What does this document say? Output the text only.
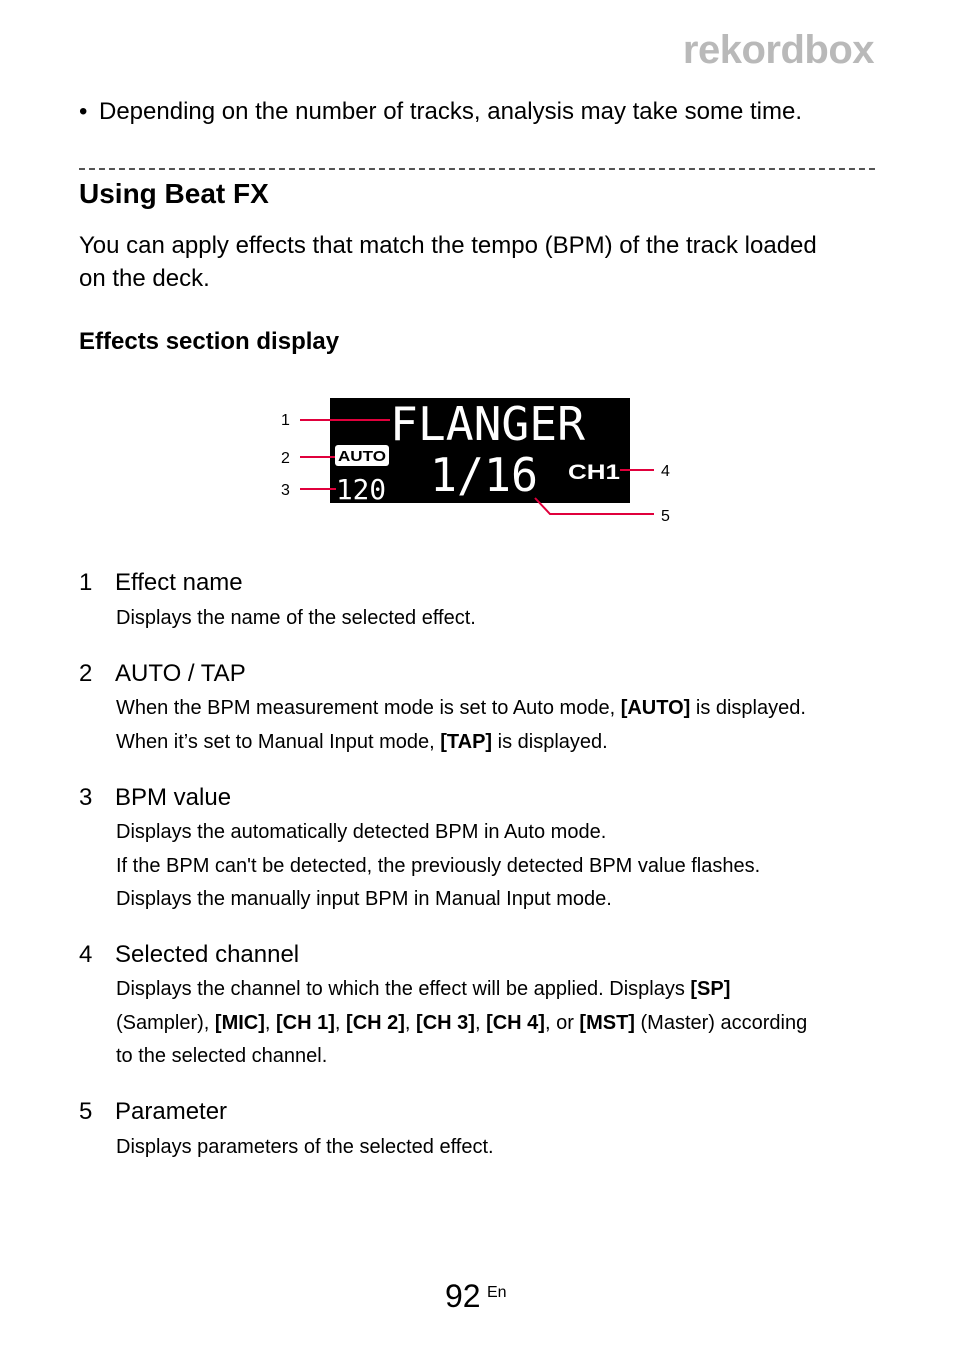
rekordbox
• Depending on the number of tracks, analysis may take some time.
Using Beat FX
You can apply effects that match the tempo (BPM) of the track loaded
on the deck.
Effects section display
FLANGER
AUTO 1/16 CH1
120
1
2
3
4
5
1 Effect name
Displays the name of the selected effect.
2 AUTO / TAP
When the BPM measurement mode is set to Auto mode, [AUTO] is displayed.
When it’s set to Manual Input mode, [TAP] is displayed.
3 BPM value
Displays the automatically detected BPM in Auto mode.
If the BPM can't be detected, the previously detected BPM value flashes.
Displays the manually input BPM in Manual Input mode.
4 Selected channel
Displays the channel to which the effect will be applied. Displays [SP]
(Sampler), [MIC], [CH 1], [CH 2], [CH 3], [CH 4], or [MST] (Master) according
to the selected channel.
5 Parameter
Displays parameters of the selected effect.
92 En
